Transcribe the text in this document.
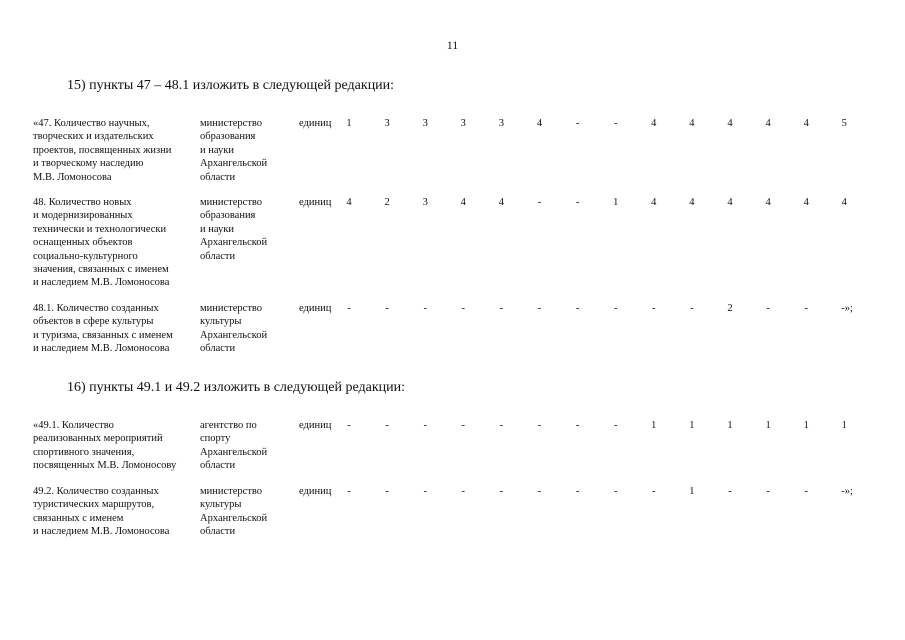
11
15) пункты 47 – 48.1 изложить в следующей редакции:
«47. Количество научных,
творческих и издательских
проектов, посвященных жизни
и творческому наследию
М.В. Ломоносова
министерство
образования
и науки
Архангельской
области
единиц	1	3	3	3	3	4	-	-	4	4	4	4	4	5
48. Количество новых
и модернизированных
технически и технологически
оснащенных объектов
социально-культурного
значения, связанных с именем
и наследием М.В. Ломоносова
министерство
образования
и науки
Архангельской
области
единиц	4	2	3	4	4	-	-	1	4	4	4	4	4	4
48.1. Количество созданных
объектов в сфере культуры
и туризма, связанных с именем
и наследием М.В. Ломоносова
министерство
культуры
Архангельской
области
единиц	-	-	-	-	-	-	-	-	-	-	2	-	-	-»;
16) пункты 49.1 и 49.2 изложить в следующей редакции:
«49.1. Количество
реализованных мероприятий
спортивного значения,
посвященных М.В. Ломоносову
агентство по
спорту
Архангельской
области
единиц	-	-	-	-	-	-	-	-	1	1	1	1	1	1
49.2. Количество созданных
туристических маршрутов,
связанных с именем
и наследием М.В. Ломоносова
министерство
культуры
Архангельской
области
единиц	-	-	-	-	-	-	-	-	-	1	-	-	-	-»;
